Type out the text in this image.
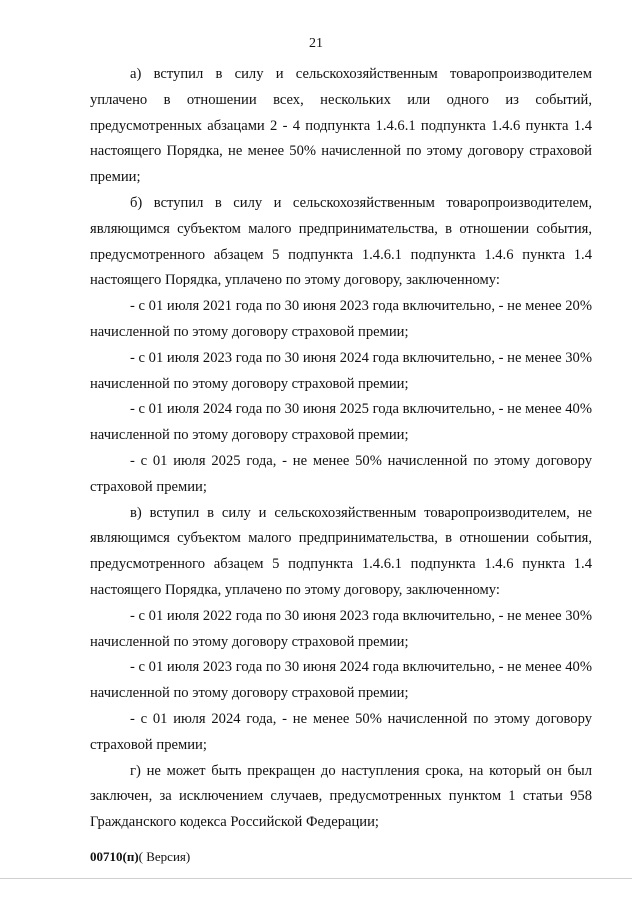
21

а) вступил в силу и сельскохозяйственным товаропроизводителем уплачено в отношении всех, нескольких или одного из событий, предусмотренных абзацами 2 - 4 подпункта 1.4.6.1 подпункта 1.4.6 пункта 1.4 настоящего Порядка, не менее 50% начисленной по этому договору страховой премии;

б) вступил в силу и сельскохозяйственным товаропроизводителем, являющимся субъектом малого предпринимательства, в отношении события, предусмотренного абзацем 5 подпункта 1.4.6.1 подпункта 1.4.6 пункта 1.4 настоящего Порядка, уплачено по этому договору, заключенному:

- с 01 июля 2021 года по 30 июня 2023 года включительно, - не менее 20% начисленной по этому договору страховой премии;

- с 01 июля 2023 года по 30 июня 2024 года включительно, - не менее 30% начисленной по этому договору страховой премии;

- с 01 июля 2024 года по 30 июня 2025 года включительно, - не менее 40% начисленной по этому договору страховой премии;

- с 01 июля 2025 года, - не менее 50% начисленной по этому договору страховой премии;

в) вступил в силу и сельскохозяйственным товаропроизводителем, не являющимся субъектом малого предпринимательства, в отношении события, предусмотренного абзацем 5 подпункта 1.4.6.1 подпункта 1.4.6 пункта 1.4 настоящего Порядка, уплачено по этому договору, заключенному:

- с 01 июля 2022 года по 30 июня 2023 года включительно, - не менее 30% начисленной по этому договору страховой премии;

- с 01 июля 2023 года по 30 июня 2024 года включительно, - не менее 40% начисленной по этому договору страховой премии;

- с 01 июля 2024 года, - не менее 50% начисленной по этому договору страховой премии;

г) не может быть прекращен до наступления срока, на который он был заключен, за исключением случаев, предусмотренных пунктом 1 статьи 958 Гражданского кодекса Российской Федерации;

00710(п)( Версия)
